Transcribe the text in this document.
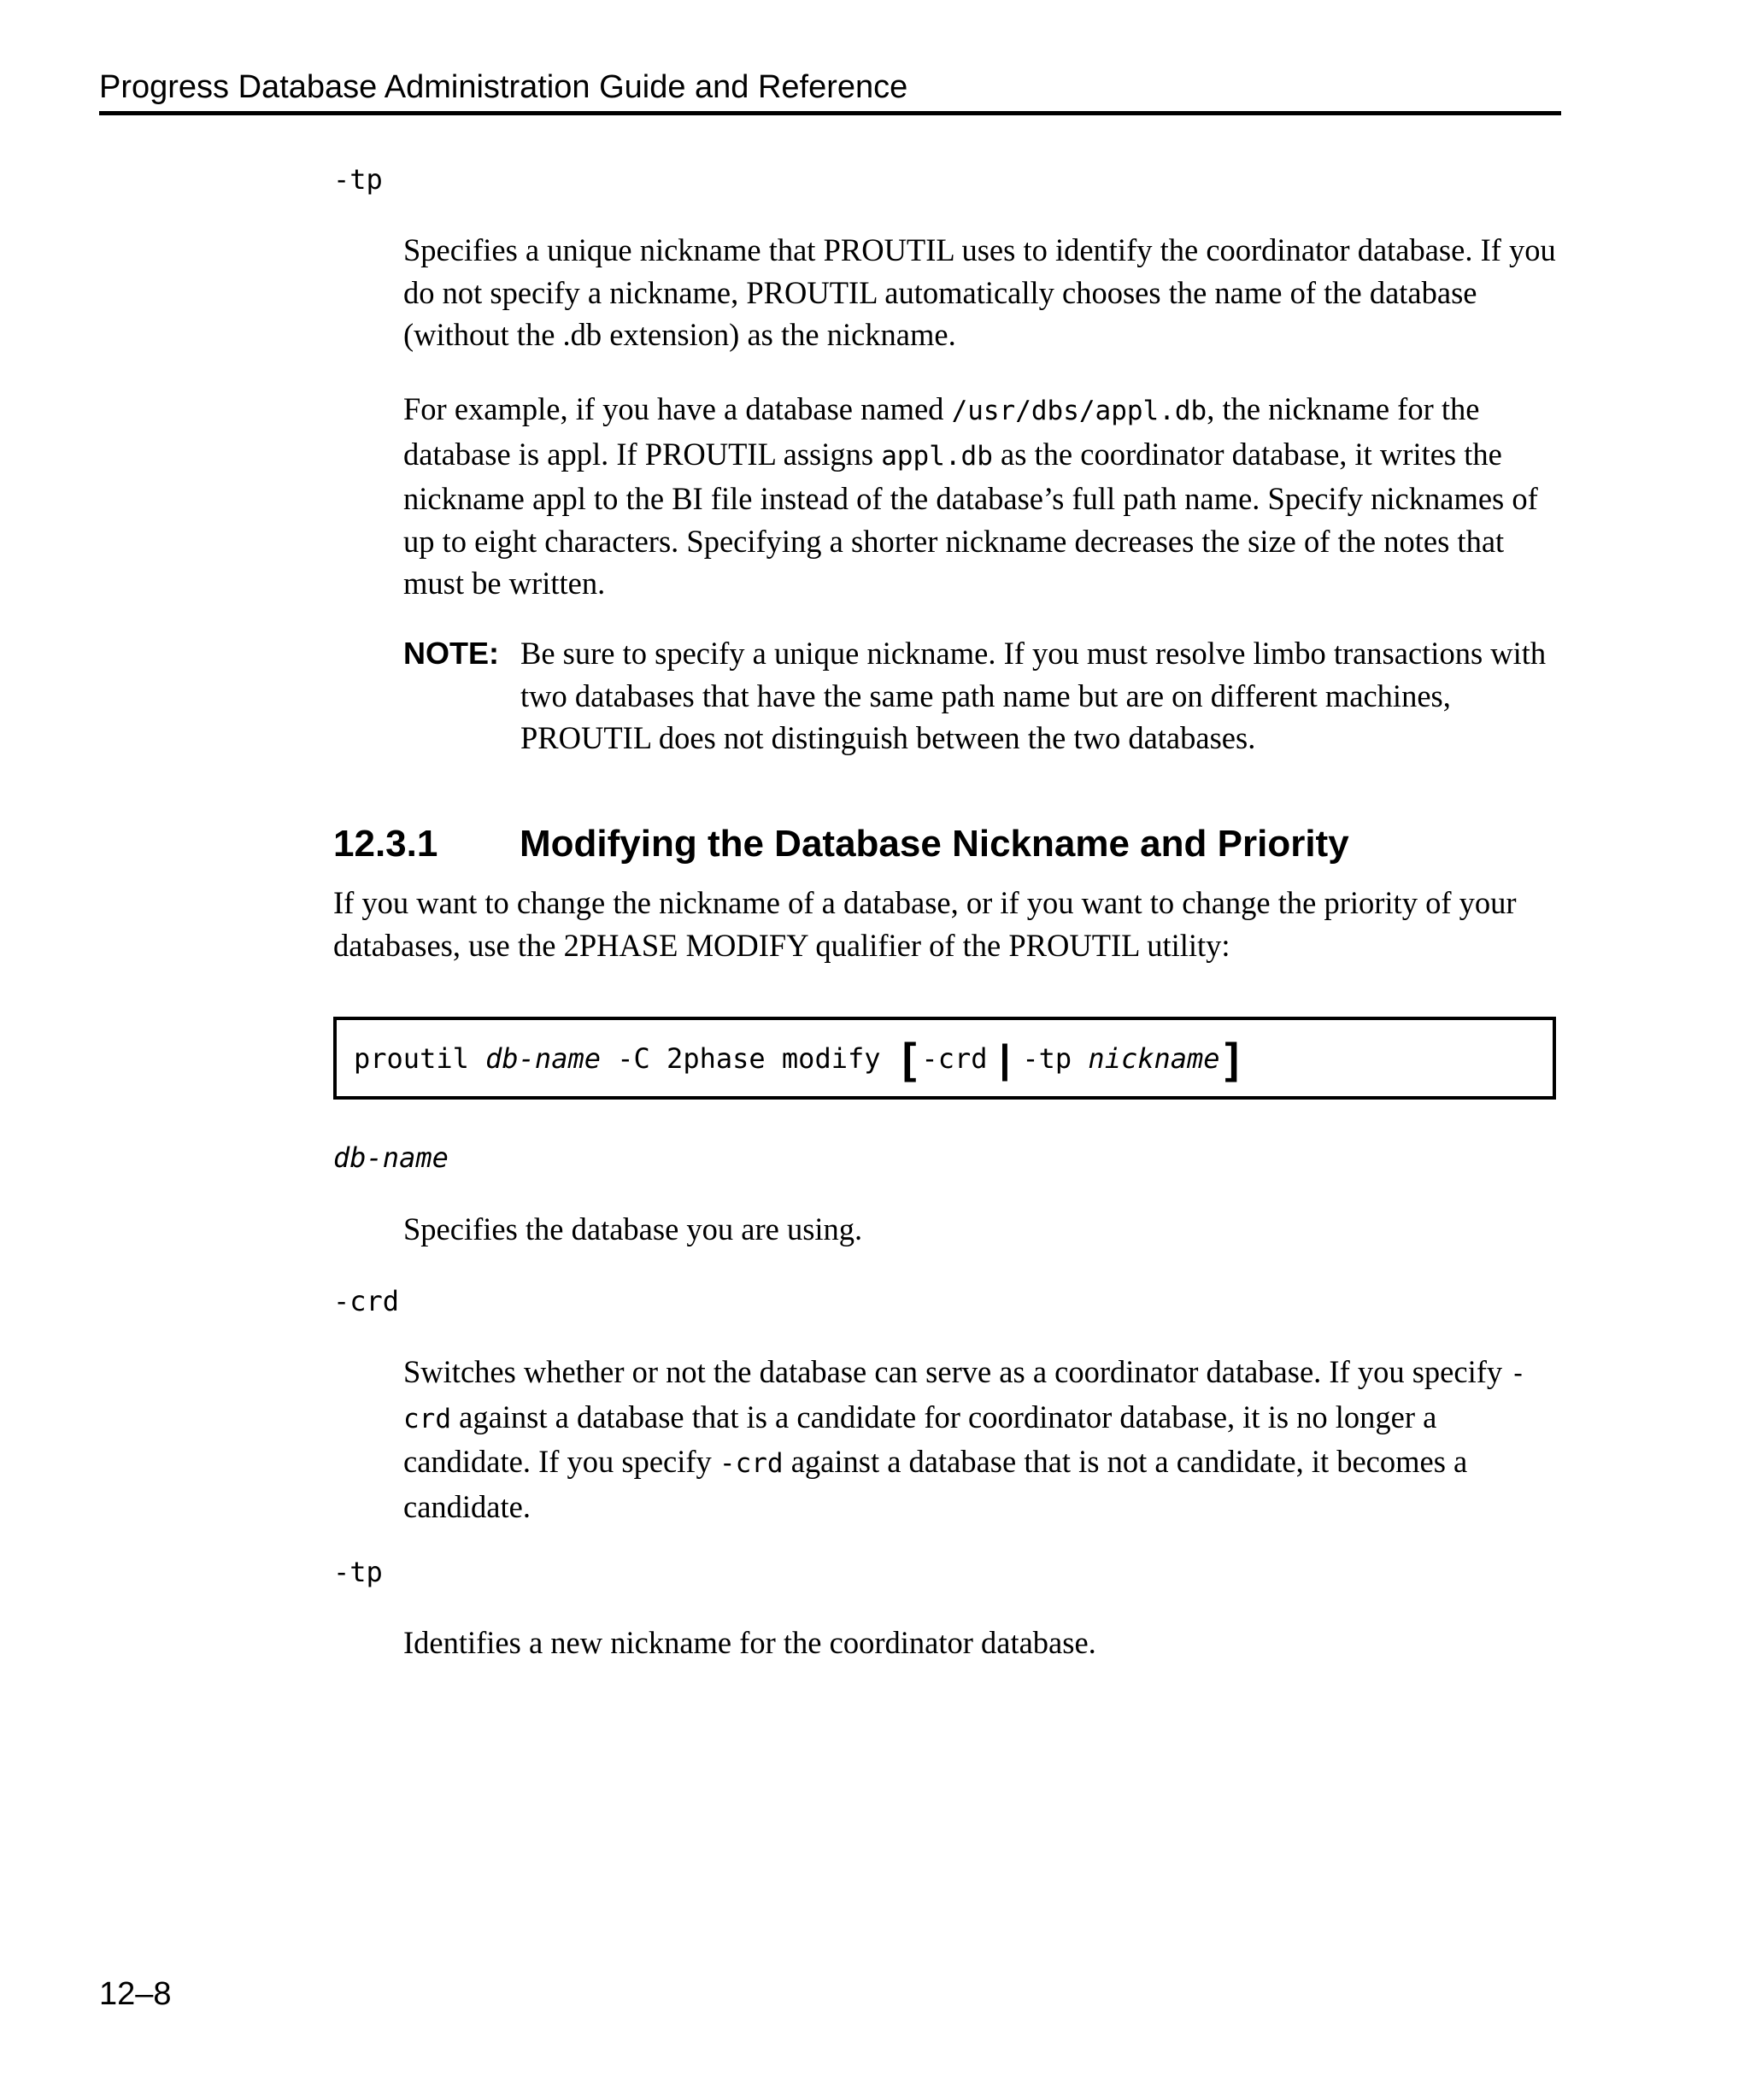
Progress Database Administration Guide and Reference
-tp

Specifies a unique nickname that PROUTIL uses to identify the coordinator database. If you do not specify a nickname, PROUTIL automatically chooses the name of the database (without the .db extension) as the nickname.

For example, if you have a database named /usr/dbs/appl.db, the nickname for the database is appl. If PROUTIL assigns appl.db as the coordinator database, it writes the nickname appl to the BI file instead of the database’s full path name. Specify nicknames of up to eight characters. Specifying a shorter nickname decreases the size of the notes that must be written.

NOTE: Be sure to specify a unique nickname. If you must resolve limbo transactions with two databases that have the same path name but are on different machines, PROUTIL does not distinguish between the two databases.

12.3.1 Modifying the Database Nickname and Priority

If you want to change the nickname of a database, or if you want to change the priority of your databases, use the 2PHASE MODIFY qualifier of the PROUTIL utility:

proutil db-name -C 2phase modify [ -crd | -tp nickname ]
db-name

Specifies the database you are using.

-crd

Switches whether or not the database can serve as a coordinator database. If you specify -crd against a database that is a candidate for coordinator database, it is no longer a candidate. If you specify -crd against a database that is not a candidate, it becomes a candidate.

-tp

Identifies a new nickname for the coordinator database.

12–8
